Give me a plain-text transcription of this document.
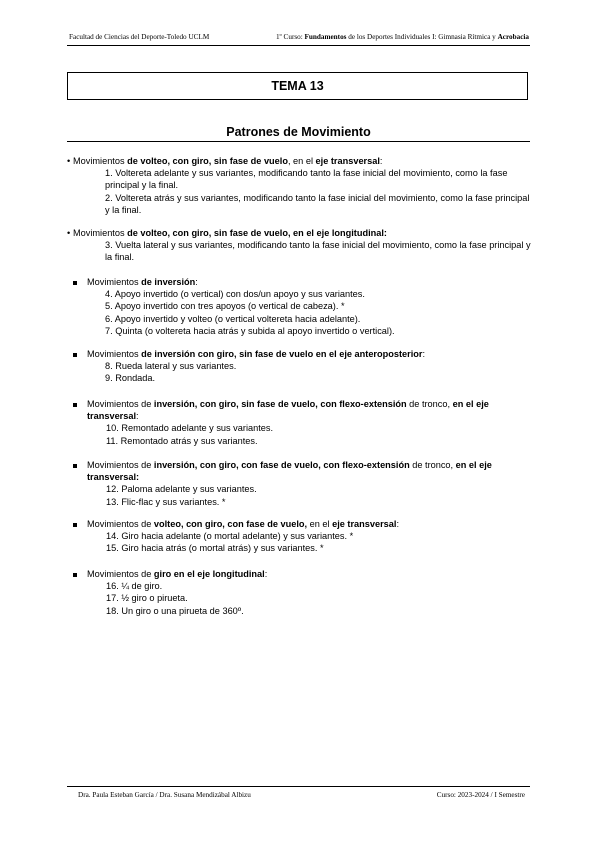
Facultad de Ciencias del Deporte-Toledo UCLM	1º Curso: Fundamentos de los Deportes Individuales I: Gimnasia Rítmica y Acrobacia
TEMA 13
Patrones de Movimiento
• Movimientos de volteo, con giro, sin fase de vuelo, en el eje transversal:
1. Voltereta adelante y sus variantes, modificando tanto la fase inicial del movimiento, como la fase principal y la final.
2. Voltereta atrás y sus variantes, modificando tanto la fase inicial del movimiento, como la fase principal y la final.
• Movimientos de volteo, con giro, sin fase de vuelo, en el eje longitudinal:
3. Vuelta lateral y sus variantes, modificando tanto la fase inicial del movimiento, como la fase principal y la final.
Movimientos de inversión:
4. Apoyo invertido (o vertical) con dos/un apoyo y sus variantes.
5. Apoyo invertido con tres apoyos (o vertical de cabeza). *
6. Apoyo invertido y volteo (o vertical voltereta hacia adelante).
7. Quinta (o voltereta hacia atrás y subida al apoyo invertido o vertical).
Movimientos de inversión con giro, sin fase de vuelo en el eje anteroposterior:
8. Rueda lateral y sus variantes.
9. Rondada.
Movimientos de inversión, con giro, sin fase de vuelo, con flexo-extensión de tronco, en el eje transversal:
10. Remontado adelante y sus variantes.
11. Remontado atrás y sus variantes.
Movimientos de inversión, con giro, con fase de vuelo, con flexo-extensión de tronco, en el eje transversal:
12. Paloma adelante y sus variantes.
13. Flic-flac y sus variantes. *
Movimientos de volteo, con giro, con fase de vuelo, en el eje transversal:
14. Giro hacia adelante (o mortal adelante) y sus variantes. *
15. Giro hacia atrás (o mortal atrás) y sus variantes. *
Movimientos de giro en el eje longitudinal:
16. ¼ de giro.
17. ½ giro o pirueta.
18. Un giro o una pirueta de 360º.
Dra. Paula Esteban García / Dra. Susana Mendizábal Albizu	Curso: 2023-2024 / I Semestre
